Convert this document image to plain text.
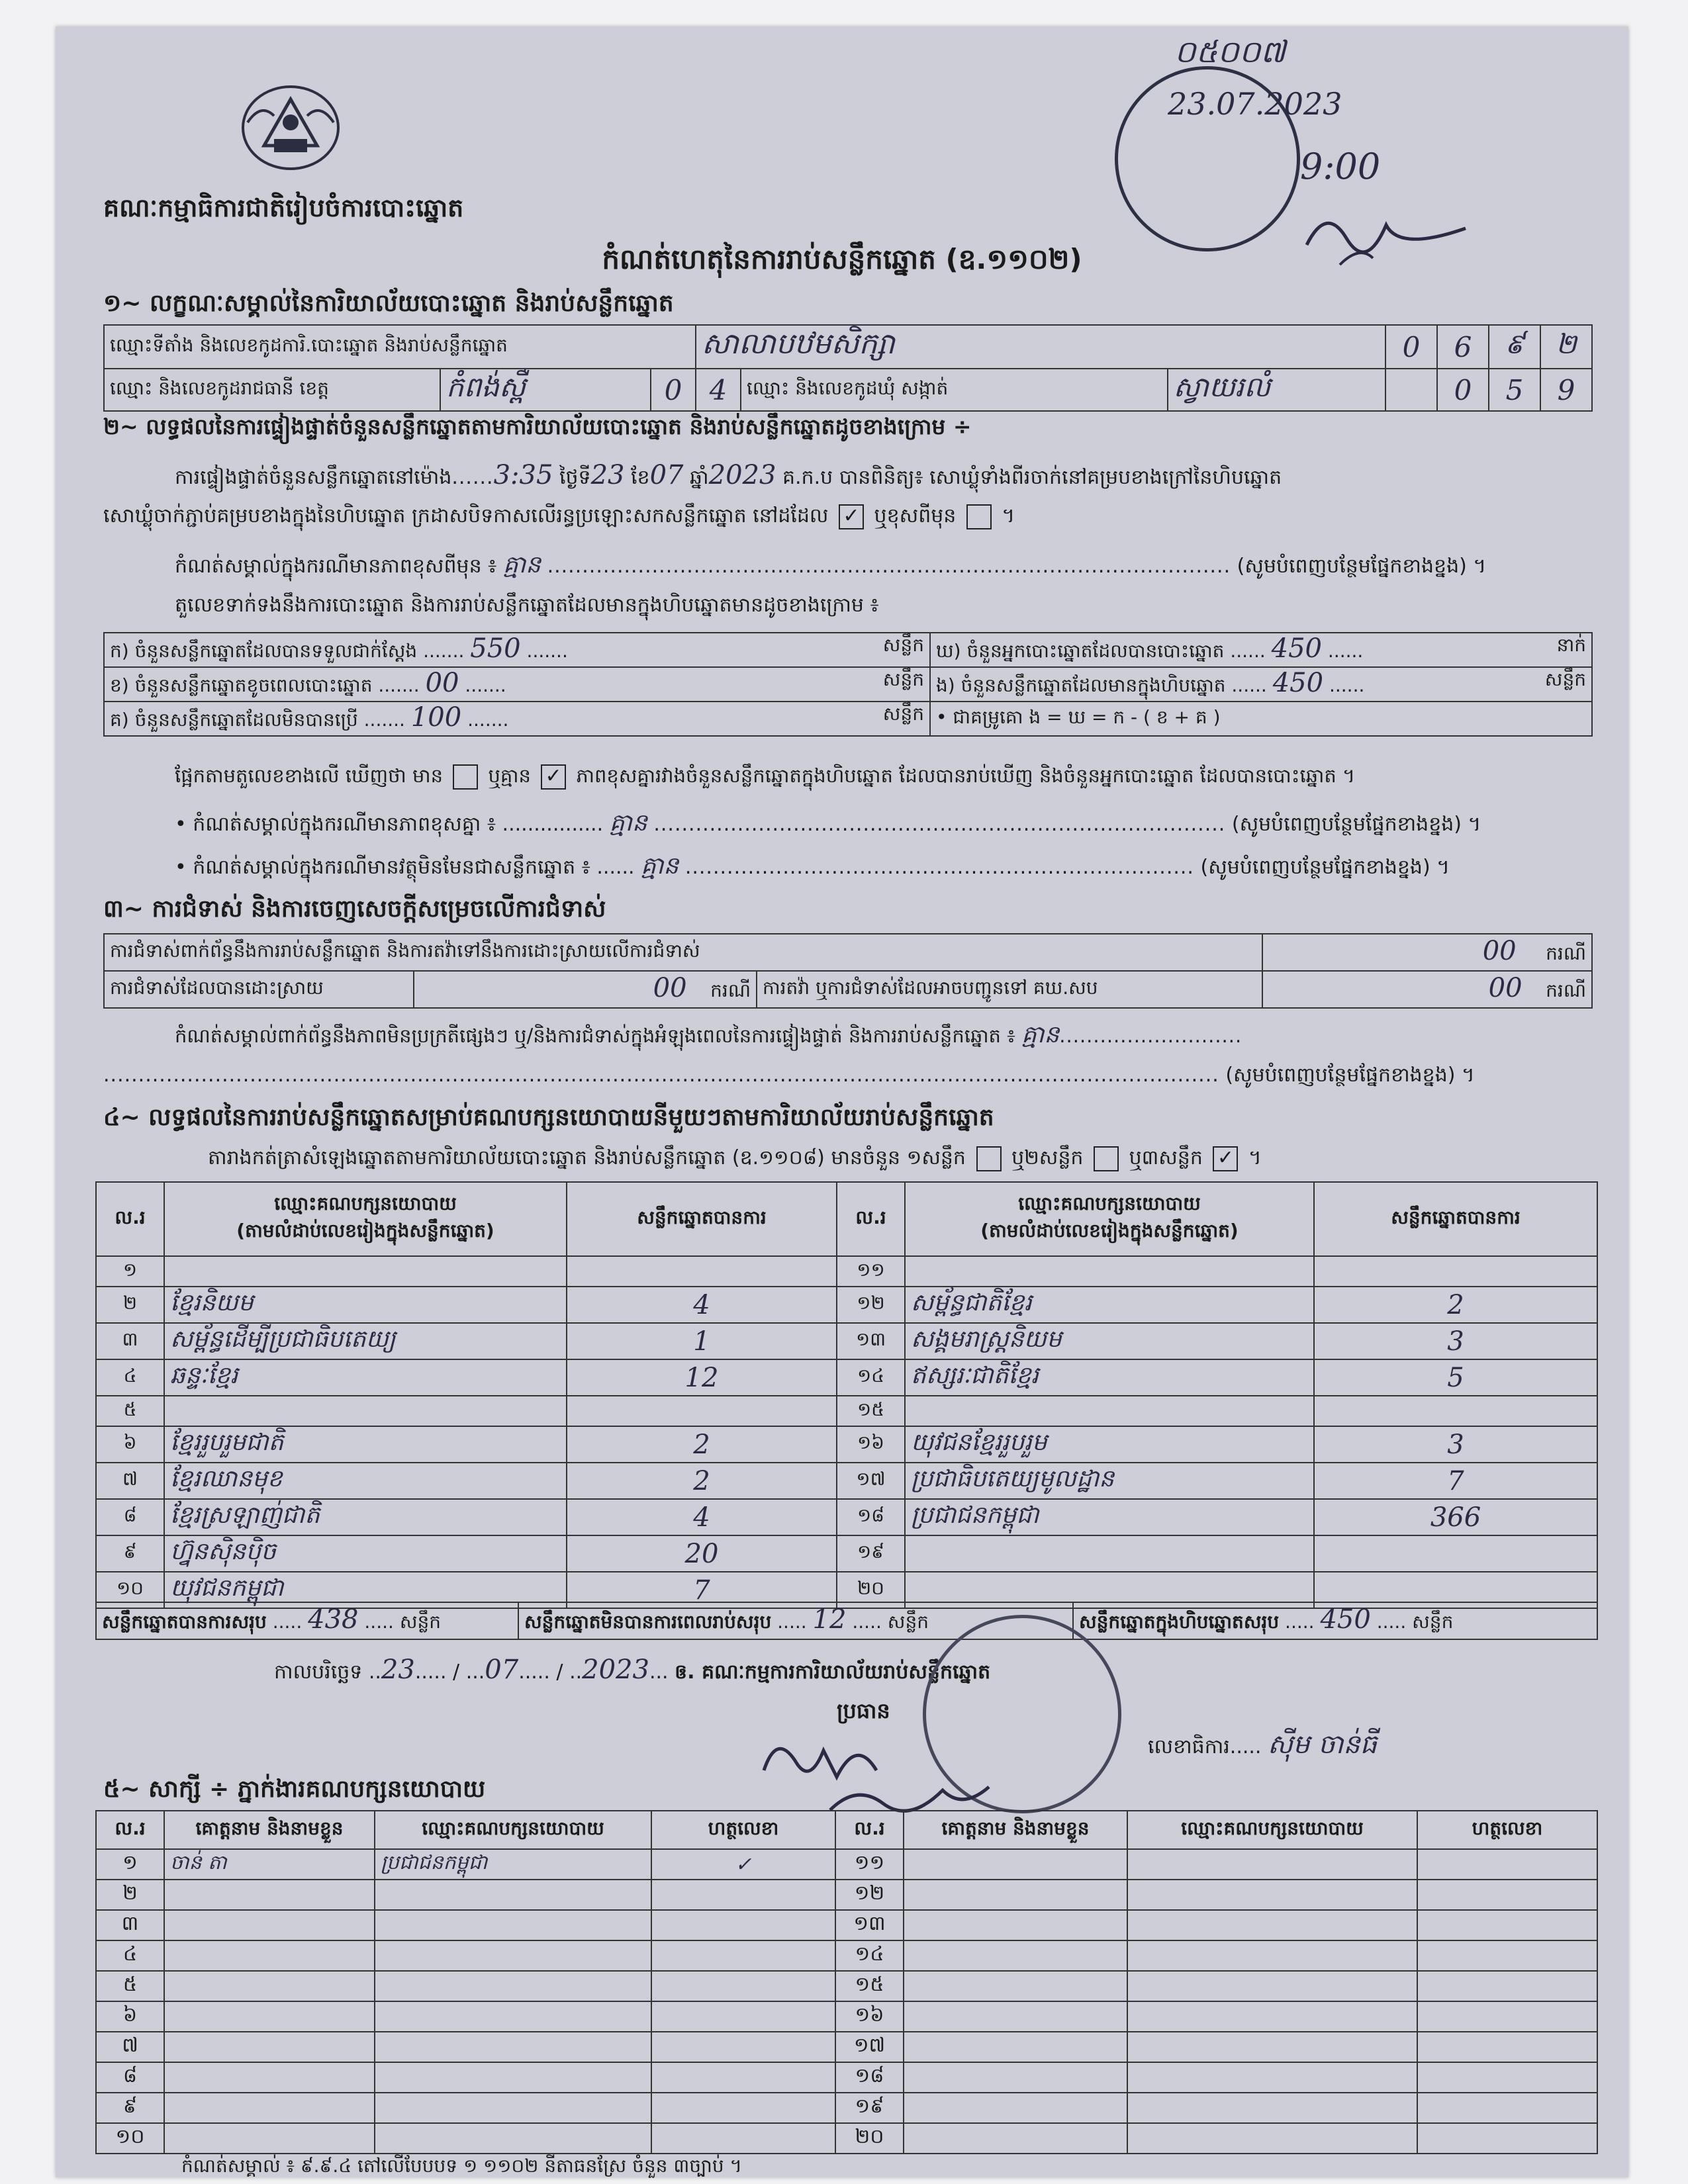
គណៈកម្មាធិការជាតិរៀបចំការបោះឆ្នោត
០៥០០៧
23.07.2023
9:00
កំណត់ហេតុនៃការរាប់សន្លឹកឆ្នោត (ឧ.១១០២)
១~ លក្ខណៈសម្គាល់នៃការិយាល័យបោះឆ្នោត និងរាប់សន្លឹកឆ្នោត
ឈ្មោះទីតាំង និងលេខកូដការិ.បោះឆ្នោត និងរាប់សន្លឹកឆ្នោត			សាលាបឋមសិក្សា			0	6	៩	២
ឈ្មោះ និងលេខកូដរាជធានី ខេត្ត	កំពង់ស្ពឺ	0	4	ឈ្មោះ និងលេខកូដឃុំ សង្កាត់	ស្វាយរលំ		0	5	9
២~ លទ្ធផលនៃការផ្ទៀងផ្ទាត់ចំនួនសន្លឹកឆ្នោតតាមការិយាល័យបោះឆ្នោត និងរាប់សន្លឹកឆ្នោតដូចខាងក្រោម ÷
ការផ្ទៀងផ្ទាត់ចំនួនសន្លឹកឆ្នោតនៅម៉ោង......3:35 ថ្ងៃទី23 ខែ07 ឆ្នាំ2023 គ.ក.ប បានពិនិត្យ៖ សោឃ្លុំទាំងពីរចាក់នៅគម្របខាងក្រៅនៃហិបឆ្នោត
សោឃ្លុំចាក់ភ្ជាប់គម្របខាងក្នុងនៃហិបឆ្នោត ក្រដាសបិទកាសលើរន្ធប្រឡោះសកសន្លឹកឆ្នោត នៅដដែល ✓ ឬខុសពីមុន  ។
កំណត់សម្គាល់ក្នុងករណីមានភាពខុសពីមុន ៖ គ្មាន .................................................................................................. (សូមបំពេញបន្ថែមផ្នែកខាងខ្នង) ។
តួលេខទាក់ទងនឹងការបោះឆ្នោត និងការរាប់សន្លឹកឆ្នោតដែលមានក្នុងហិបឆ្នោតមានដូចខាងក្រោម ៖
ក) ចំនួនសន្លឹកឆ្នោតដែលបានទទួលជាក់ស្តែង ....... 550 ....... សន្លឹក	ឃ) ចំនួនអ្នកបោះឆ្នោតដែលបានបោះឆ្នោត ...... 450 ...... នាក់

ខ) ចំនួនសន្លឹកឆ្នោតខូចពេលបោះឆ្នោត ....... 00 ....... សន្លឹក	ង) ចំនួនសន្លឹកឆ្នោតដែលមានក្នុងហិបឆ្នោត ...... 450 ...... សន្លឹក

គ) ចំនួនសន្លឹកឆ្នោតដែលមិនបានប្រើ ....... 100 ....... សន្លឹក	• ជាគម្រូគោ ង = ឃ = ក - ( ខ + គ )
ផ្អែកតាមតួលេខខាងលើ ឃើញថា មាន ឬគ្មាន ✓ ភាពខុសគ្នារវាងចំនួនសន្លឹកឆ្នោតក្នុងហិបឆ្នោត ដែលបានរាប់ឃើញ និងចំនួនអ្នកបោះឆ្នោត ដែលបានបោះឆ្នោត ។
• កំណត់សម្គាល់ក្នុងករណីមានភាពខុសគ្នា ៖ ................ គ្មាន .................................................................................. (សូមបំពេញបន្ថែមផ្នែកខាងខ្នង) ។
• កំណត់សម្គាល់ក្នុងករណីមានវត្ថុមិនមែនជាសន្លឹកឆ្នោត ៖ ...... គ្មាន ......................................................................... (សូមបំពេញបន្ថែមផ្នែកខាងខ្នង) ។
៣~ ការជំទាស់ និងការចេញសេចក្តីសម្រេចលើការជំទាស់
ការជំទាស់ពាក់ព័ន្ធនឹងការរាប់សន្លឹកឆ្នោត និងការតវ៉ាទៅនឹងការដោះស្រាយលើការជំទាស់			00 ករណី
ការជំទាស់ដែលបានដោះស្រាយ	00 ករណី	ការតវ៉ា ឬការជំទាស់ដែលអាចបញ្ជូនទៅ គឃ.សប	00 ករណី
កំណត់សម្គាល់ពាក់ព័ន្ធនឹងភាពមិនប្រក្រតីផ្សេងៗ ឬ/និងការជំទាស់ក្នុងអំឡុងពេលនៃការផ្ទៀងផ្ទាត់ និងការរាប់សន្លឹកឆ្នោត ៖ គ្មាន...........................
................................................................................................................................................................ (សូមបំពេញបន្ថែមផ្នែកខាងខ្នង) ។
៤~ លទ្ធផលនៃការរាប់សន្លឹកឆ្នោតសម្រាប់គណបក្សនយោបាយនីមួយៗតាមការិយាល័យរាប់សន្លឹកឆ្នោត
តារាងកត់ត្រាសំឡេងឆ្នោតតាមការិយាល័យបោះឆ្នោត និងរាប់សន្លឹកឆ្នោត (ឧ.១១០៨) មានចំនួន ១សន្លឹក ឬ២សន្លឹក ឬ៣សន្លឹក ✓ ។
ល.រ	ឈ្មោះគណបក្សនយោបាយ
(តាមលំដាប់លេខរៀងក្នុងសន្លឹកឆ្នោត)	សន្លឹកឆ្នោតបានការ	ល.រ	ឈ្មោះគណបក្សនយោបាយ
(តាមលំដាប់លេខរៀងក្នុងសន្លឹកឆ្នោត)	សន្លឹកឆ្នោតបានការ
១			១១		
២	ខ្មែរនិយម	4	១២	សម្ព័ន្ធជាតិខ្មែរ	2
៣	សម្ព័ន្ធដើម្បីប្រជាធិបតេយ្យ	1	១៣	សង្គមរាស្ត្រនិយម	3
៤	ឆន្ទៈខ្មែរ	12	១៤	ឥស្សរៈជាតិខ្មែរ	5
៥			១៥		
៦	ខ្មែររួបរួមជាតិ	2	១៦	យុវជនខ្មែររួបរួម	3
៧	ខ្មែរឈានមុខ	2	១៧	ប្រជាធិបតេយ្យមូលដ្ឋាន	7
៨	ខ្មែរស្រឡាញ់ជាតិ	4	១៨	ប្រជាជនកម្ពុជា	366
៩	ហ្វ៊ុនស៊ិនប៉ិច	20	១៩		
១០	យុវជនកម្ពុជា	7	២០		
សន្លឹកឆ្នោតបានការសរុប ..... 438 ..... សន្លឹក	សន្លឹកឆ្នោតមិនបានការពេលរាប់សរុប ..... 12 ..... សន្លឹក	សន្លឹកឆ្នោតក្នុងហិបឆ្នោតសរុប ..... 450 ..... សន្លឹក
កាលបរិច្ឆេទ ..23..... / ...07..... / ..2023... ឲ. គណៈកម្មការការិយាល័យរាប់សន្លឹកឆ្នោត
ប្រធាន
លេខាធិការ..... ស៊ីម ចាន់ធី
៥~ សាក្សី ÷ ភ្នាក់ងារគណបក្សនយោបាយ
ល.រ	គោត្តនាម និងនាមខ្លួន	ឈ្មោះគណបក្សនយោបាយ	ហត្ថលេខា	ល.រ	គោត្តនាម និងនាមខ្លួន	ឈ្មោះគណបក្សនយោបាយ	ហត្ថលេខា
១	ចាន់ តា	ប្រជាជនកម្ពុជា	✓	១១			
២				១២			
៣				១៣			
៤				១៤			
៥				១៥			
៦				១៦			
៧				១៧			
៨				១៨			
៩				១៩			
១០				២០			
កំណត់សម្គាល់ ៖ ៩.៩.៤ តៅលើបែបបទ ១ ១១០២ នីតាធនស្រែ ចំនួន ៣ច្បាប់ ។
